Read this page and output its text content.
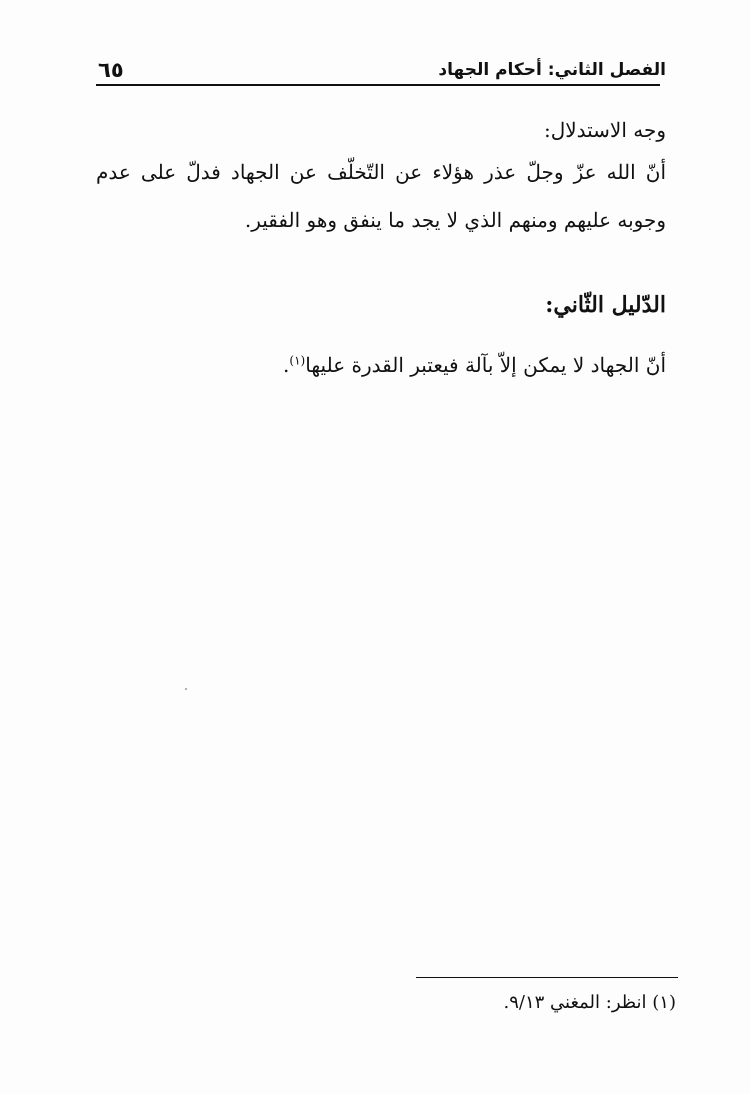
الفصل الثاني: أحكام الجهاد
٦٥
وجه الاستدلال:
أنّ الله عزّ وجلّ عذر هؤلاء عن التّخلّف عن الجهاد فدلّ على عدم
وجوبه عليهم ومنهم الذي لا يجد ما ينفق وهو الفقير.
الدّليل الثّاني:
أنّ الجهاد لا يمكن إلاّ بآلة فيعتبر القدرة عليها$^{(١)}$.
(١) انظر: المغني ٩/١٣.
